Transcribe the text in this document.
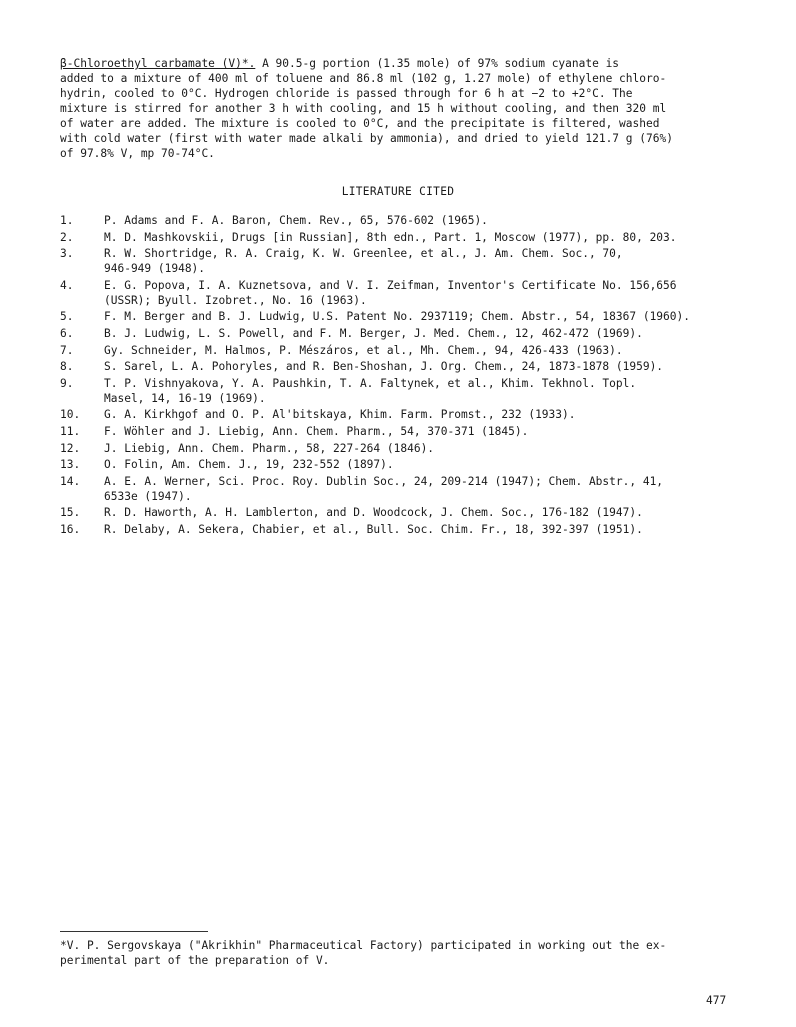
β-Chloroethyl carbamate (V)*. A 90.5-g portion (1.35 mole) of 97% sodium cyanate is
added to a mixture of 400 ml of toluene and 86.8 ml (102 g, 1.27 mole) of ethylene chloro-
hydrin, cooled to 0°C. Hydrogen chloride is passed through for 6 h at −2 to +2°C. The
mixture is stirred for another 3 h with cooling, and 15 h without cooling, and then 320 ml
of water are added. The mixture is cooled to 0°C, and the precipitate is filtered, washed
with cold water (first with water made alkali by ammonia), and dried to yield 121.7 g (76%)
of 97.8% V, mp 70-74°C.

LITERATURE CITED
1.	P. Adams and F. A. Baron, Chem. Rev., 65, 576-602 (1965).
2.	M. D. Mashkovskii, Drugs [in Russian], 8th edn., Part. 1, Moscow (1977), pp. 80, 203.
3.	R. W. Shortridge, R. A. Craig, K. W. Greenlee, et al., J. Am. Chem. Soc., 70,
946-949 (1948).
4.	E. G. Popova, I. A. Kuznetsova, and V. I. Zeifman, Inventor's Certificate No. 156,656
(USSR); Byull. Izobret., No. 16 (1963).
5.	F. M. Berger and B. J. Ludwig, U.S. Patent No. 2937119; Chem. Abstr., 54, 18367 (1960).
6.	B. J. Ludwig, L. S. Powell, and F. M. Berger, J. Med. Chem., 12, 462-472 (1969).
7.	Gy. Schneider, M. Halmos, P. Mészáros, et al., Mh. Chem., 94, 426-433 (1963).
8.	S. Sarel, L. A. Pohoryles, and R. Ben-Shoshan, J. Org. Chem., 24, 1873-1878 (1959).
9.	T. P. Vishnyakova, Y. A. Paushkin, T. A. Faltynek, et al., Khim. Tekhnol. Topl.
Masel, 14, 16-19 (1969).
10.	G. A. Kirkhgof and O. P. Al'bitskaya, Khim. Farm. Promst., 232 (1933).
11.	F. Wöhler and J. Liebig, Ann. Chem. Pharm., 54, 370-371 (1845).
12.	J. Liebig, Ann. Chem. Pharm., 58, 227-264 (1846).
13.	O. Folin, Am. Chem. J., 19, 232-552 (1897).
14.	A. E. A. Werner, Sci. Proc. Roy. Dublin Soc., 24, 209-214 (1947); Chem. Abstr., 41,
6533e (1947).
15.	R. D. Haworth, A. H. Lamblerton, and D. Woodcock, J. Chem. Soc., 176-182 (1947).
16.	R. Delaby, A. Sekera, Chabier, et al., Bull. Soc. Chim. Fr., 18, 392-397 (1951).

*V. P. Sergovskaya ("Akrikhin" Pharmaceutical Factory) participated in working out the ex-
perimental part of the preparation of V.

477
